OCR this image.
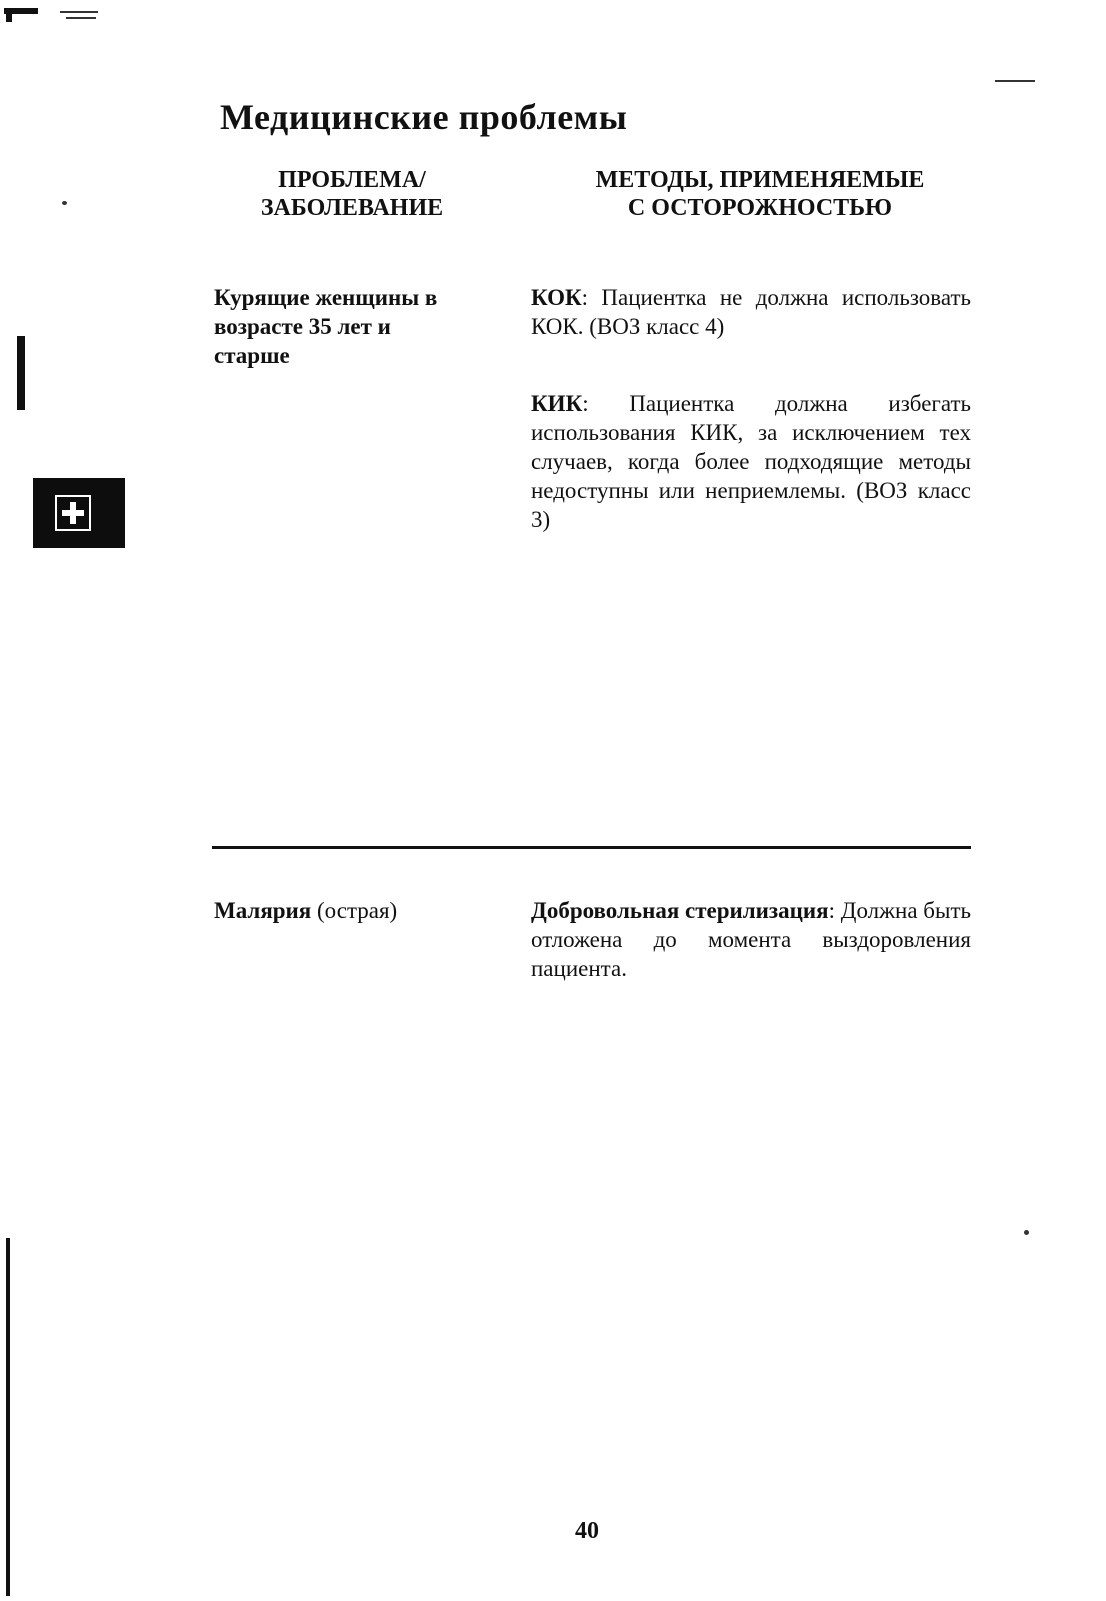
Медицинские проблемы
ПРОБЛЕМА/
ЗАБОЛЕВАНИЕ
МЕТОДЫ, ПРИМЕНЯЕМЫЕ
С ОСТОРОЖНОСТЬЮ
Курящие женщины в
возрасте 35 лет и
старше
КОК: Пациентка не должна использовать КОК. (ВОЗ класс 4)
КИК: Пациентка должна избегать использования КИК, за исключением тех случаев, когда более подходящие методы недоступны или неприемлемы. (ВОЗ класс 3)
Малярия (острая)	Добровольная стерилизация: Должна быть отложена до момента выздоровления пациента.
40
